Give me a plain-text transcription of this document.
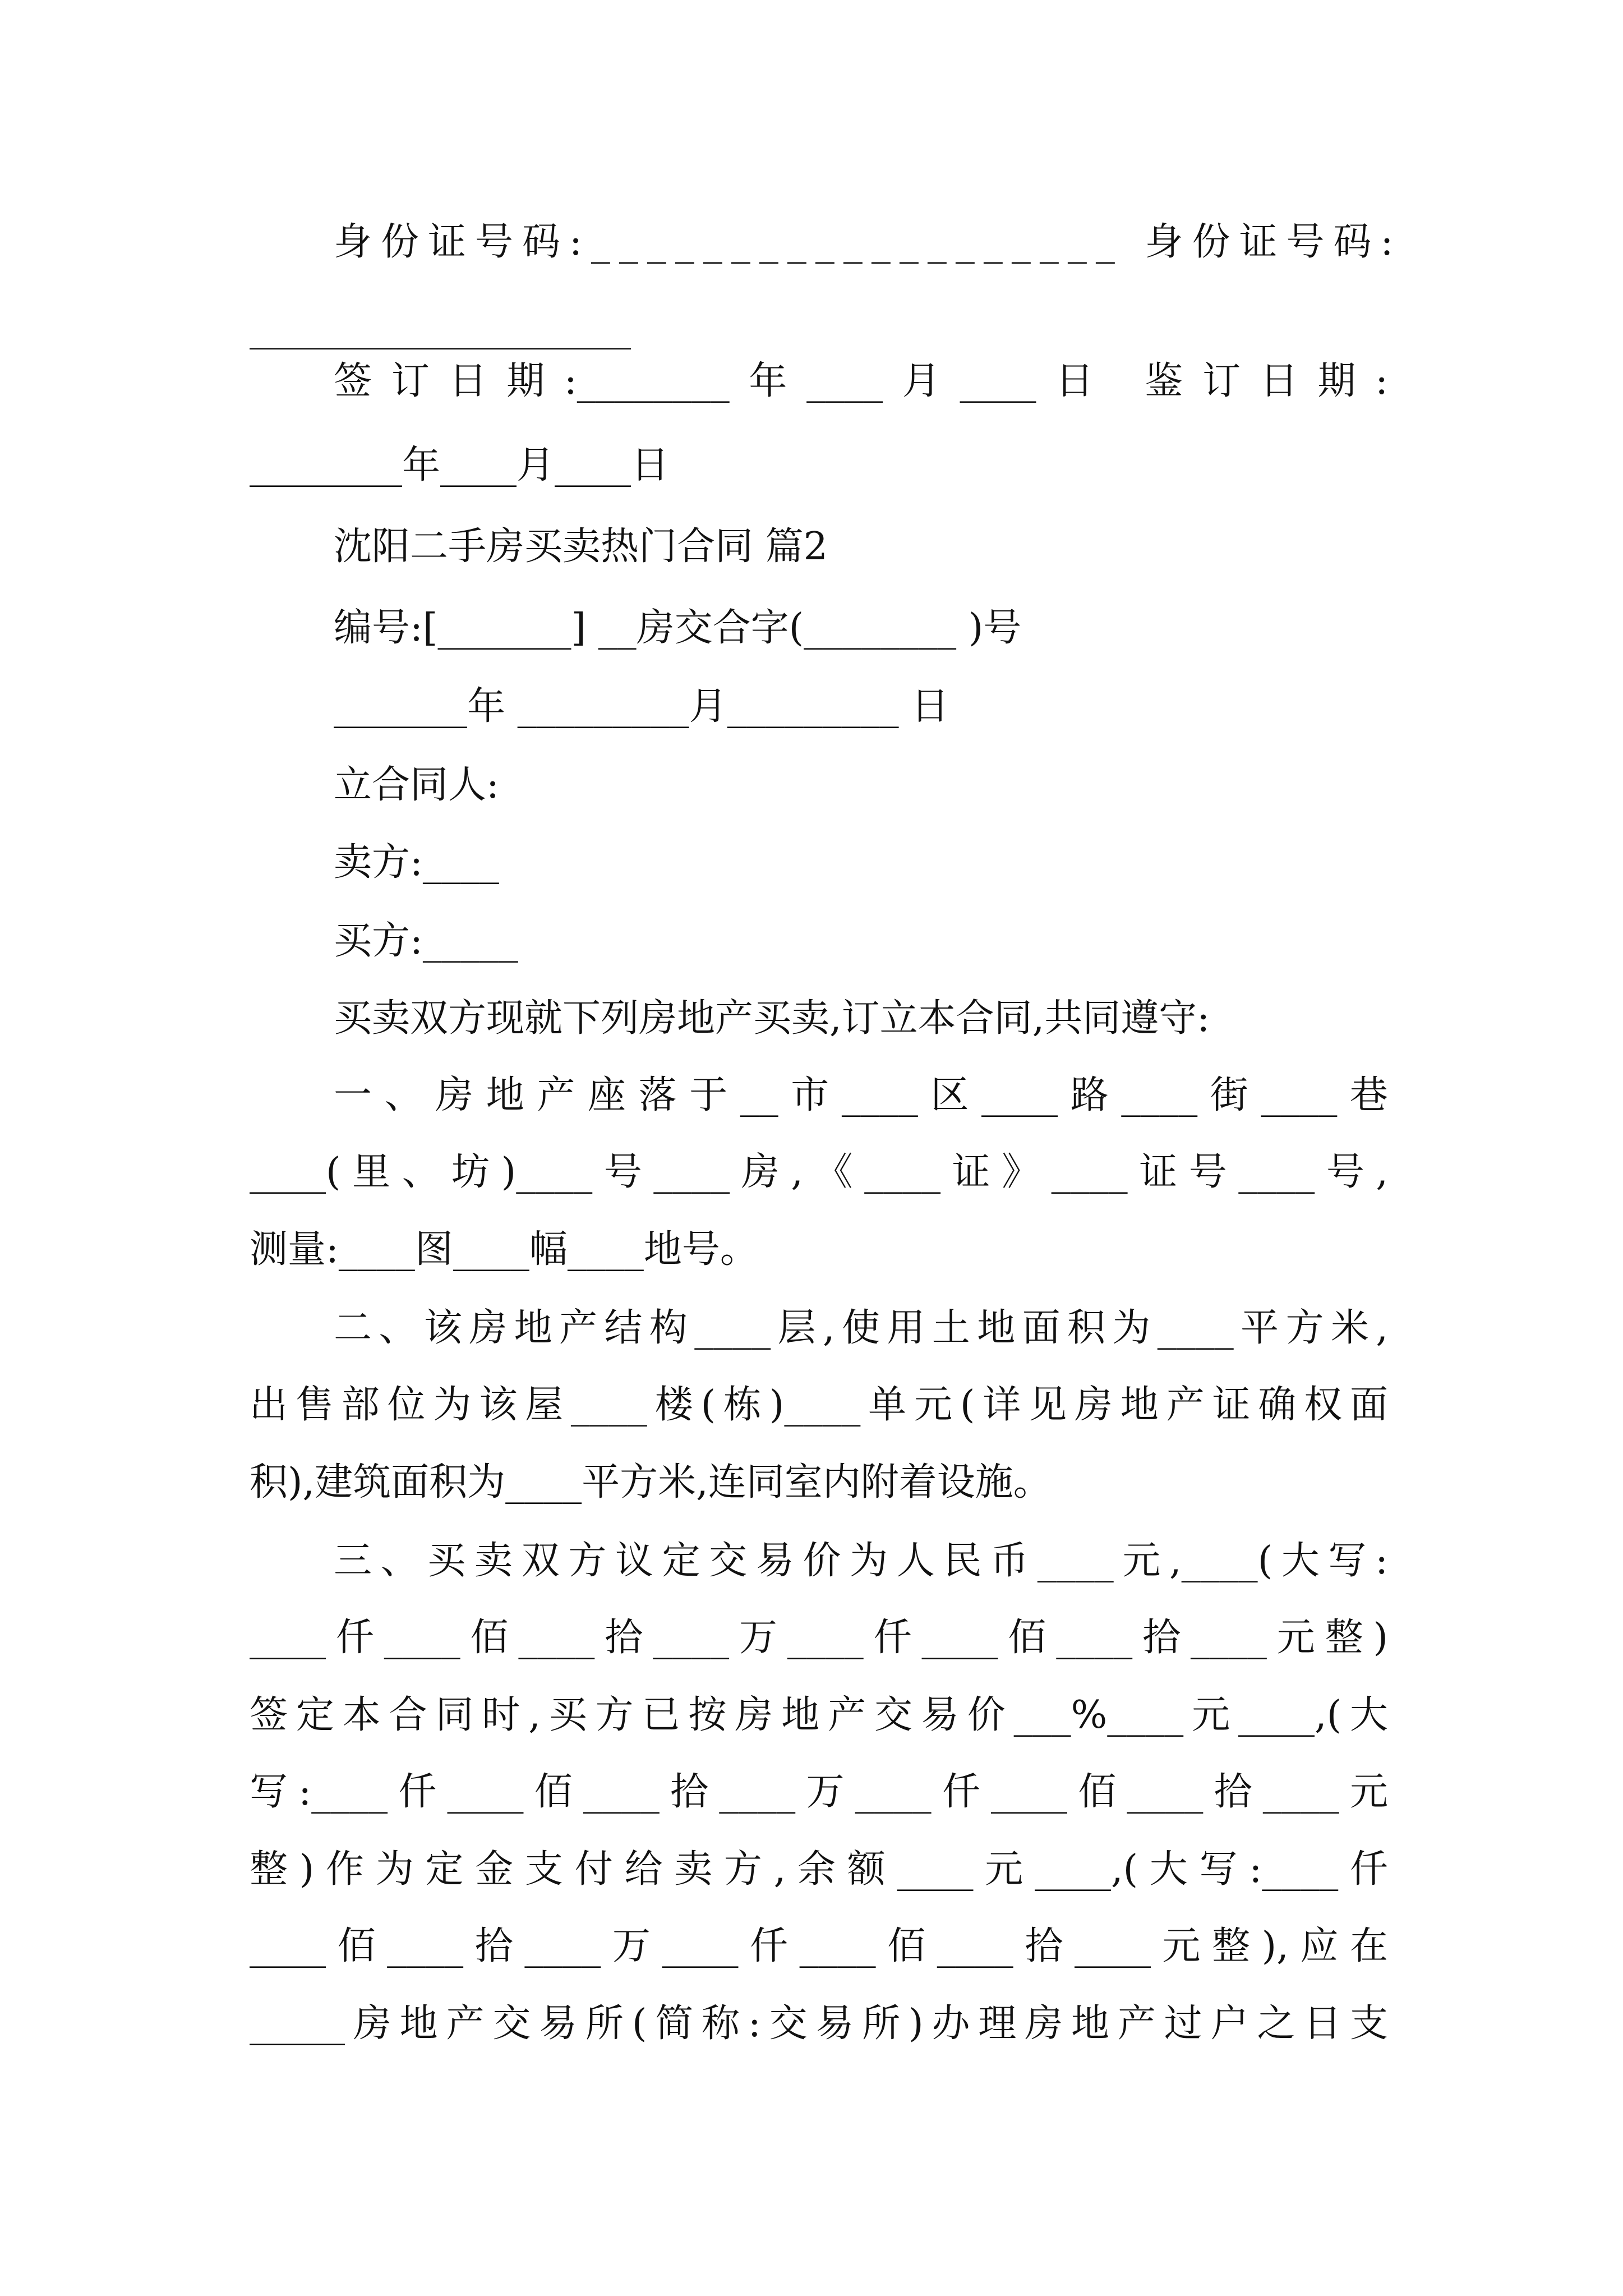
身份证号码:___________________ 身份证号码:
____________________
签订日期:________年____月____日 鉴订日期:
________年____月____日
沈阳二手房买卖热门合同 篇2
编号:[_______] __房交合字(________ )号
_______年 _________月_________ 日
立合同人:
卖方:____
买方:_____
买卖双方现就下列房地产买卖,订立本合同,共同遵守:
一、房地产座落于__市____区____路____街____巷
____(里、坊)____号____房,《____证》____证号____号,
测量:____图____幅____地号。
二、该房地产结构____层,使用土地面积为____平方米,
出售部位为该屋____楼(栋)____单元(详见房地产证确权面
积),建筑面积为____平方米,连同室内附着设施。
三、买卖双方议定交易价为人民币____元,____(大写:
____仟____佰____拾____万____仟____佰____拾____元整)
签定本合同时,买方已按房地产交易价___%____元____,(大
写:____仟____佰____拾____万____仟____佰____拾____元
整)作为定金支付给卖方,余额____元____,(大写:____仟
____佰____拾____万____仟____佰____拾____元整),应在
_____房地产交易所(简称:交易所)办理房地产过户之日支
